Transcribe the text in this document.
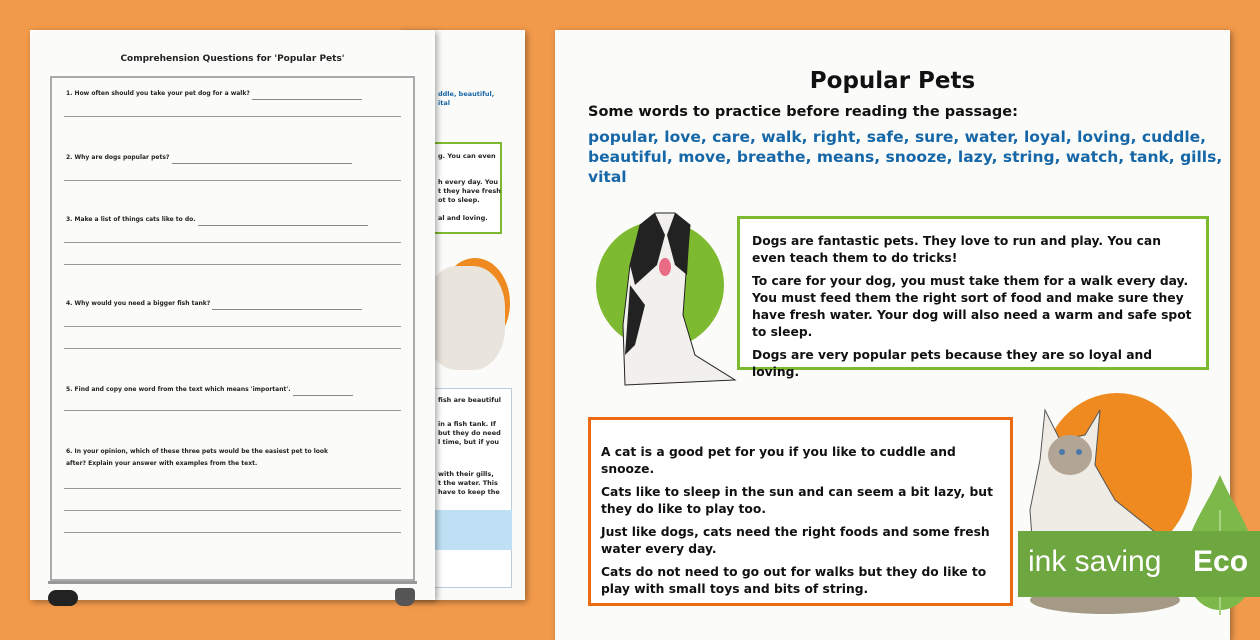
ddle, beautiful,
ital
g. You can even
h every day. You
t they have fresh
ot to sleep.
al and loving.
fish are beautiful
in a fish tank. If
but they do need
l time, but if you
with their gills,
t the water. This
have to keep the
Comprehension Questions for 'Popular Pets'
1. How often should you take your pet dog for a walk?
2. Why are dogs popular pets?
3. Make a list of things cats like to do.
4. Why would you need a bigger fish tank?
5. Find and copy one word from the text which means 'important'.
6. In your opinion, which of these three pets would be the easiest pet to look after? Explain your answer with examples from the text.
Popular Pets
Some words to practice before reading the passage:
popular, love, care, walk, right, safe, sure, water, loyal, loving, cuddle, beautiful, move, breathe, means, snooze, lazy, string, watch, tank, gills, vital

Dogs are fantastic pets. They love to run and play. You can even teach them to do tricks!

To care for your dog, you must take them for a walk every day. You must feed them the right sort of food and make sure they have fresh water. Your dog will also need a warm and safe spot to sleep.

Dogs are very popular pets because they are so loyal and loving.

A cat is a good pet for you if you like to cuddle and snooze.

Cats like to sleep in the sun and can seem a bit lazy, but they do like to play too.

Just like dogs, cats need the right foods and some fresh water every day.

Cats do not need to go out for walks but they do like to play with small toys and bits of string.

ink saving Eco
